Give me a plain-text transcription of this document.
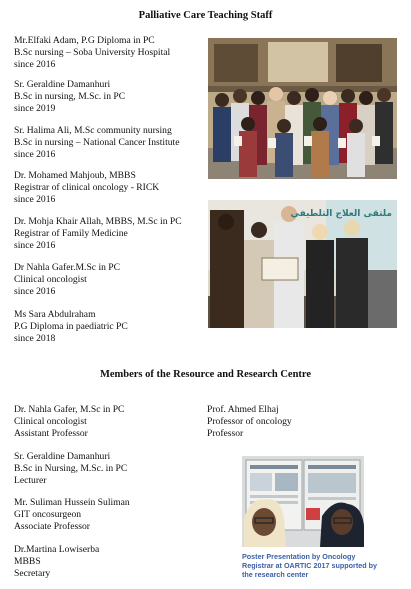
Palliative Care Teaching Staff
Mr.Elfaki Adam, P.G Diploma in PC
B.Sc nursing – Soba University Hospital
since 2016
Sr. Geraldine Damanhuri
B.Sc in nursing, M.Sc. in PC
since 2019
Sr. Halima Ali, M.Sc community nursing
B.Sc in nursing – National Cancer Institute
since 2016
Dr. Mohamed Mahjoub, MBBS
Registrar of clinical oncology - RICK
since 2016
Dr. Mohja Khair Allah, MBBS, M.Sc in PC
Registrar of Family Medicine
since 2016
Dr Nahla Gafer.M.Sc in PC
Clinical oncologist
since 2016
Ms Sara Abdulraham
P.G Diploma in paediatric PC
since 2018
ملتقى العلاج التلطيفي
Members of the Resource and Research Centre
Dr. Nahla Gafer, M.Sc in PC
Clinical oncologist
Assistant Professor
Sr. Geraldine Damanhuri
B.Sc in Nursing, M.Sc. in PC
Lecturer
Mr. Suliman Hussein Suliman
GIT oncosurgeon
Associate Professor
Dr.Martina Lowiserba
MBBS
Secretary
Prof. Ahmed Elhaj
Professor of oncology
Professor
Poster Presentation by Oncology
Registrar at OARTIC 2017 supported by
the research center
